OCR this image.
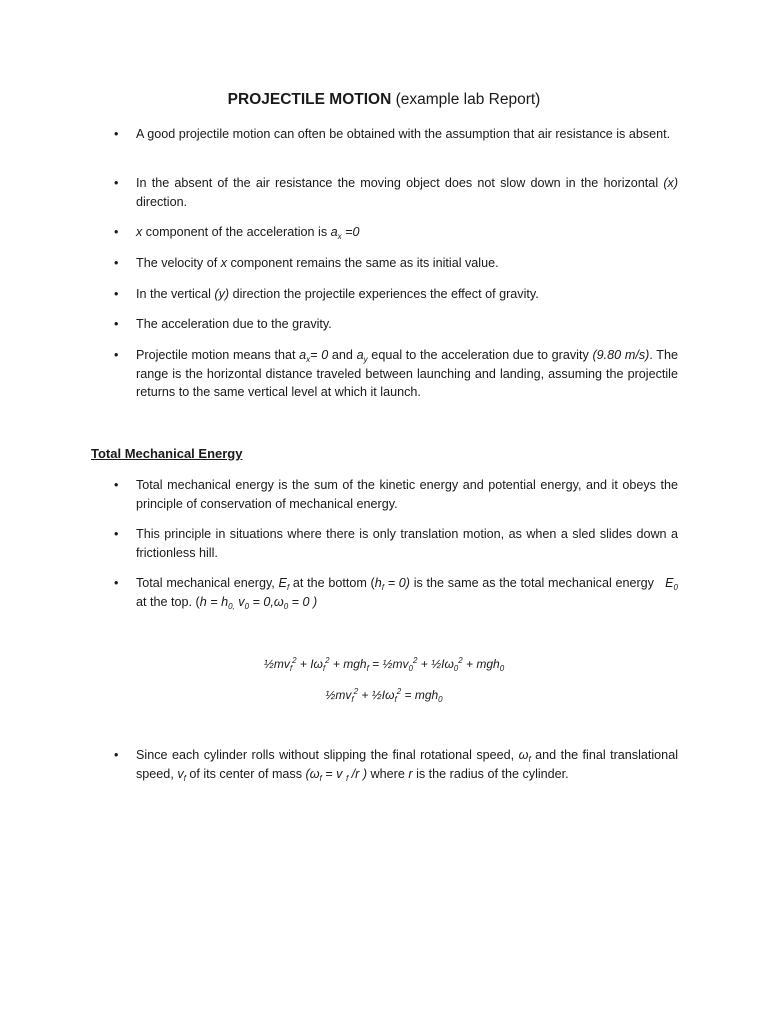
PROJECTILE MOTION (example lab Report)
•	A good projectile motion can often be obtained with the assumption that air resistance is absent.
•	In the absent of the air resistance the moving object does not slow down in the horizontal (x) direction.
•	x component of the acceleration is $a_x =0$
•	The velocity of x component remains the same as its initial value.
•	In the vertical (y) direction the projectile experiences the effect of gravity.
•	The acceleration due to the gravity.
•	Projectile motion means that $a_x= 0$ and $a_y$ equal to the acceleration due to gravity (9.80 m/s). The range is the horizontal distance traveled between launching and landing, assuming the projectile returns to the same vertical level at which it launch.
Total Mechanical Energy
•	Total mechanical energy is the sum of the kinetic energy and potential energy, and it obeys the principle of conservation of mechanical energy.
•	This principle in situations where there is only translation motion, as when a sled slides down a frictionless hill.
•	Total mechanical energy, $E_f$ at the bottom $(h_f = 0)$ is the same as the total mechanical energy   $E_0$ at the top. ($h = h_{0,}$ $v_0 = 0,\omega_0 = 0$ )
$\frac{1}{2}mv_f^2 + I\omega_f^2 + mgh_f$ = $\frac{1}{2}mv_0^2$ + $\frac{1}{2}I\omega_0^2 + mgh_0$
$\frac{1}{2}mv_f^2$ + $\frac{1}{2}I\omega_f^2 = mgh_0$
•	Since each cylinder rolls without slipping the final rotational speed, $\omega_f$ and the final translational speed, $v_f$ of its center of mass ($\omega_f = v$ $_f$ /r ) where r is the radius of the cylinder.
